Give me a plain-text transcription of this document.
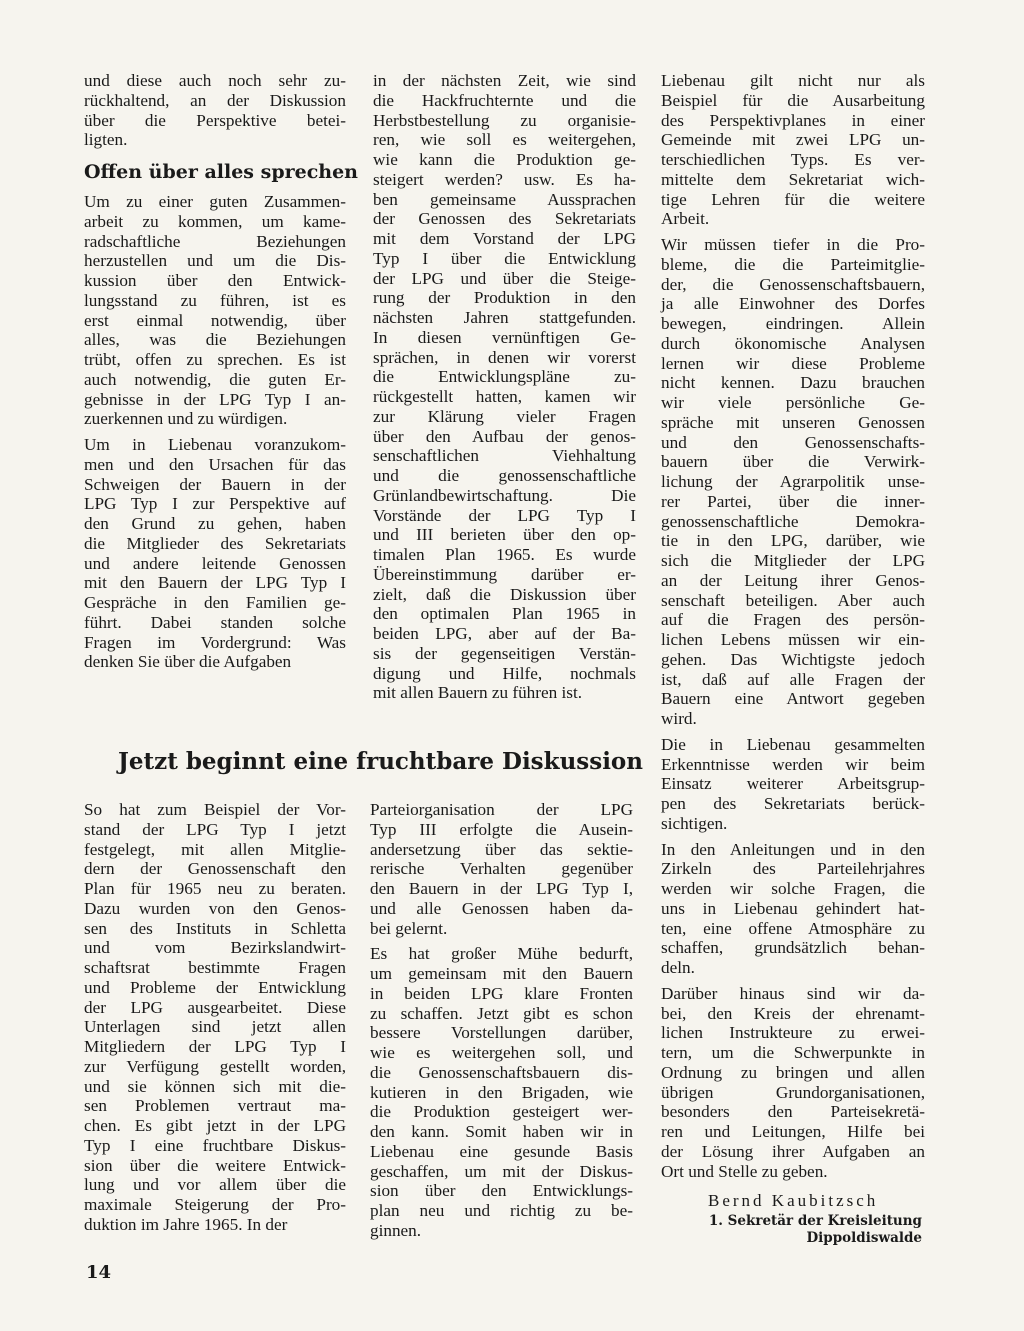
und diese auch noch sehr zu-
rückhaltend, an der Diskussion
über die Perspektive betei-
ligten.

Offen über alles sprechen

Um zu einer guten Zusammen-
arbeit zu kommen, um kame-
radschaftliche Beziehungen
herzustellen und um die Dis-
kussion über den Entwick-
lungsstand zu führen, ist es
erst einmal notwendig, über
alles, was die Beziehungen
trübt, offen zu sprechen. Es ist
auch notwendig, die guten Er-
gebnisse in der LPG Typ I an-
zuerkennen und zu würdigen.

Um in Liebenau voranzukom-
men und den Ursachen für das
Schweigen der Bauern in der
LPG Typ I zur Perspektive auf
den Grund zu gehen, haben
die Mitglieder des Sekretariats
und andere leitende Genossen
mit den Bauern der LPG Typ I
Gespräche in den Familien ge-
führt. Dabei standen solche
Fragen im Vordergrund: Was
denken Sie über die Aufgaben

in der nächsten Zeit, wie sind
die Hackfruchternte und die
Herbstbestellung zu organisie-
ren, wie soll es weitergehen,
wie kann die Produktion ge-
steigert werden? usw. Es ha-
ben gemeinsame Aussprachen
der Genossen des Sekretariats
mit dem Vorstand der LPG
Typ I über die Entwicklung
der LPG und über die Steige-
rung der Produktion in den
nächsten Jahren stattgefunden.
In diesen vernünftigen Ge-
sprächen, in denen wir vorerst
die Entwicklungspläne zu-
rückgestellt hatten, kamen wir
zur Klärung vieler Fragen
über den Aufbau der genos-
senschaftlichen Viehhaltung
und die genossenschaftliche
Grünlandbewirtschaftung. Die
Vorstände der LPG Typ I
und III berieten über den op-
timalen Plan 1965. Es wurde
Übereinstimmung darüber er-
zielt, daß die Diskussion über
den optimalen Plan 1965 in
beiden LPG, aber auf der Ba-
sis der gegenseitigen Verstän-
digung und Hilfe, nochmals
mit allen Bauern zu führen ist.

Liebenau gilt nicht nur als
Beispiel für die Ausarbeitung
des Perspektivplanes in einer
Gemeinde mit zwei LPG un-
terschiedlichen Typs. Es ver-
mittelte dem Sekretariat wich-
tige Lehren für die weitere
Arbeit.

Wir müssen tiefer in die Pro-
bleme, die die Parteimitglie-
der, die Genossenschaftsbauern,
ja alle Einwohner des Dorfes
bewegen, eindringen. Allein
durch ökonomische Analysen
lernen wir diese Probleme
nicht kennen. Dazu brauchen
wir viele persönliche Ge-
spräche mit unseren Genossen
und den Genossenschafts-
bauern über die Verwirk-
lichung der Agrarpolitik unse-
rer Partei, über die inner-
genossenschaftliche Demokra-
tie in den LPG, darüber, wie
sich die Mitglieder der LPG
an der Leitung ihrer Genos-
senschaft beteiligen. Aber auch
auf die Fragen des persön-
lichen Lebens müssen wir ein-
gehen. Das Wichtigste jedoch
ist, daß auf alle Fragen der
Bauern eine Antwort gegeben
wird.

Die in Liebenau gesammelten
Erkenntnisse werden wir beim
Einsatz weiterer Arbeitsgrup-
pen des Sekretariats berück-
sichtigen.

In den Anleitungen und in den
Zirkeln des Parteilehrjahres
werden wir solche Fragen, die
uns in Liebenau gehindert hat-
ten, eine offene Atmosphäre zu
schaffen, grundsätzlich behan-
deln.

Darüber hinaus sind wir da-
bei, den Kreis der ehrenamt-
lichen Instrukteure zu erwei-
tern, um die Schwerpunkte in
Ordnung zu bringen und allen
übrigen Grundorganisationen,
besonders den Parteisekretä-
ren und Leitungen, Hilfe bei
der Lösung ihrer Aufgaben an
Ort und Stelle zu geben.

Jetzt beginnt eine fruchtbare Diskussion

So hat zum Beispiel der Vor-
stand der LPG Typ I jetzt
festgelegt, mit allen Mitglie-
dern der Genossenschaft den
Plan für 1965 neu zu beraten.
Dazu wurden von den Genos-
sen des Instituts in Schletta
und vom Bezirkslandwirt-
schaftsrat bestimmte Fragen
und Probleme der Entwicklung
der LPG ausgearbeitet. Diese
Unterlagen sind jetzt allen
Mitgliedern der LPG Typ I
zur Verfügung gestellt worden,
und sie können sich mit die-
sen Problemen vertraut ma-
chen. Es gibt jetzt in der LPG
Typ I eine fruchtbare Diskus-
sion über die weitere Entwick-
lung und vor allem über die
maximale Steigerung der Pro-
duktion im Jahre 1965. In der

Parteiorganisation der LPG
Typ III erfolgte die Ausein-
andersetzung über das sektie-
rerische Verhalten gegenüber
den Bauern in der LPG Typ I,
und alle Genossen haben da-
bei gelernt.

Es hat großer Mühe bedurft,
um gemeinsam mit den Bauern
in beiden LPG klare Fronten
zu schaffen. Jetzt gibt es schon
bessere Vorstellungen darüber,
wie es weitergehen soll, und
die Genossenschaftsbauern dis-
kutieren in den Brigaden, wie
die Produktion gesteigert wer-
den kann. Somit haben wir in
Liebenau eine gesunde Basis
geschaffen, um mit der Diskus-
sion über den Entwicklungs-
plan neu und richtig zu be-
ginnen.

Bernd Kaubitzsch
1. Sekretär der Kreisleitung
Dippoldiswalde
14
